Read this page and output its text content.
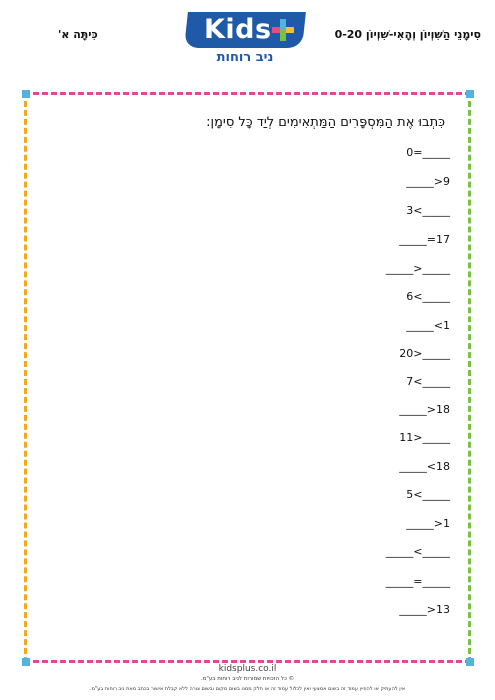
סִימָנֵי הַשִּׁוְיוֹן וְהָאִי-שִׁוְיוֹן 0-20
כִּיתָּה א'	Kids
ניב רוחות
כִּתְבוּ אֶת הַמִּסְפָּרִים הַמַּתְאִימִים לְיַד כָּל סִימָן:
0=_____
_____>9
3<_____
_____=17
_____>_____
6<_____
_____<1
20>_____
7<_____
_____>18
11>_____
_____<18
5<_____
_____>1
_____<_____
_____=_____
_____>13
kidsplus.co.il
© כל הזכויות שמורות לניב רוחות בע"מ.
אין להעתיק או להפיץ עמוד זה בשום אמצעי ואין לכלול עמוד זה או חלק ממנו בשום מקום ובשום צורה ללא קבלת אישור בכתב מאת ניב רוחות בע"מ.
